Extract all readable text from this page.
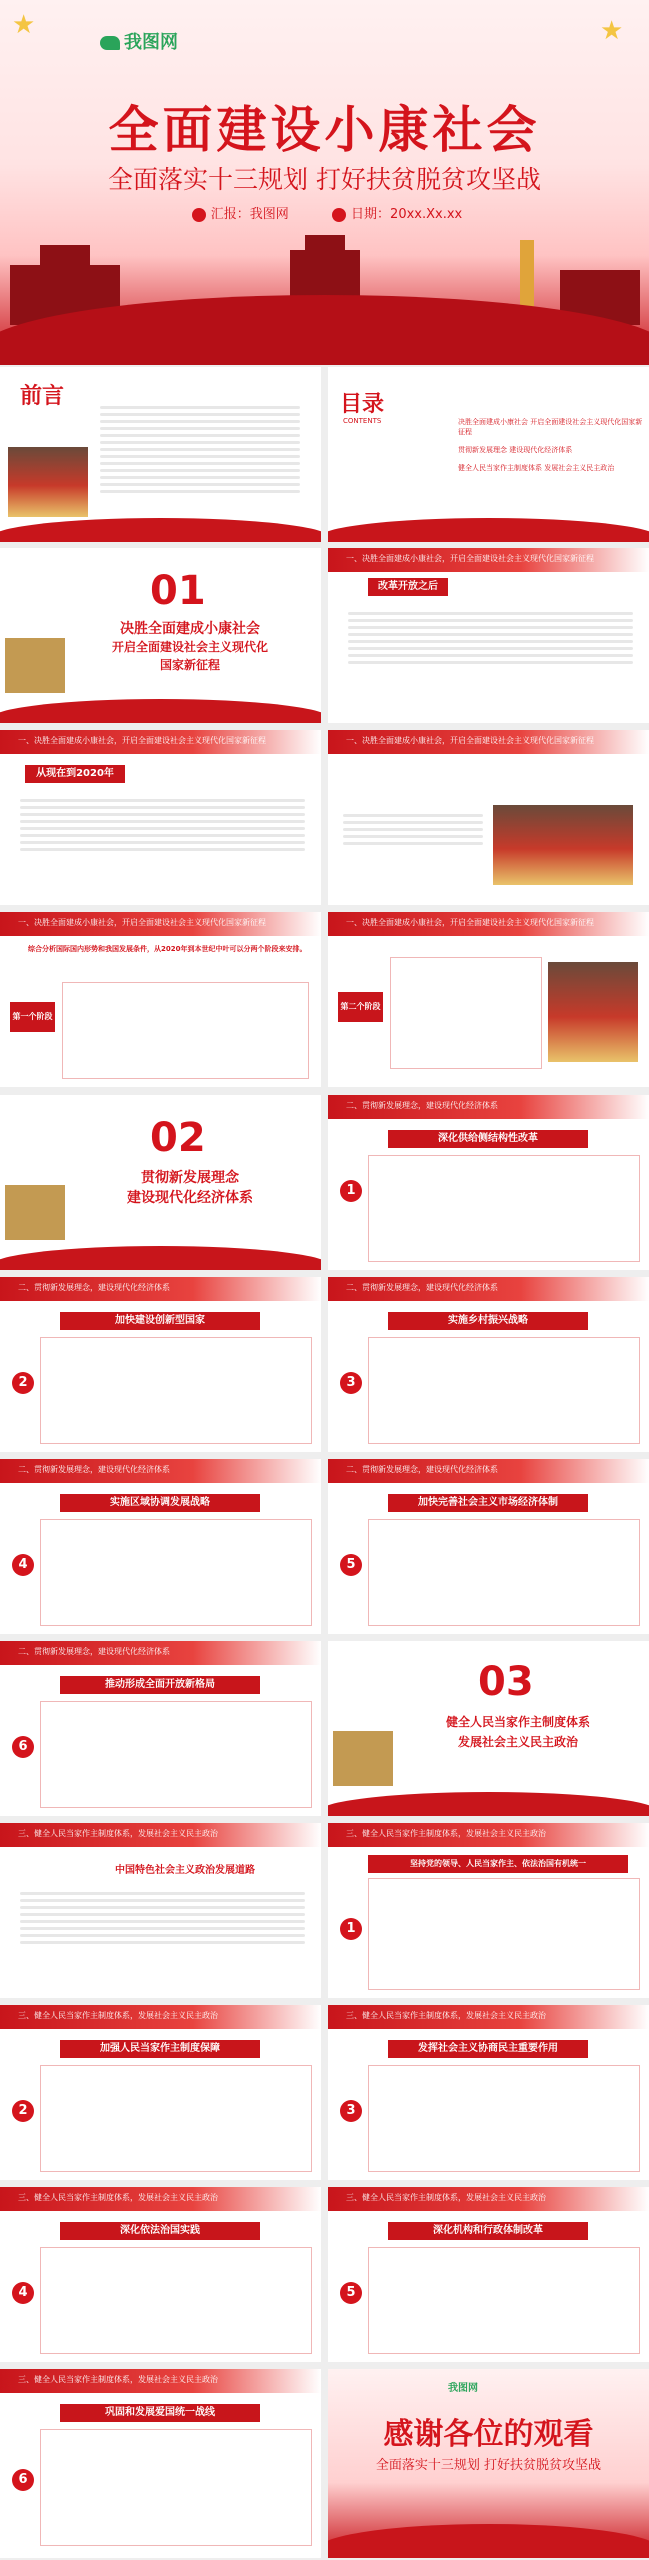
★	★
我图网
全面建设小康社会
全面落实十三规划 打好扶贫脱贫攻坚战
汇报：我图网	日期：20xx.Xx.xx
前言	目录
CONTENTS	决胜全面建成小康社会 开启全面建设社会主义现代化国家新征程
贯彻新发展理念 建设现代化经济体系
健全人民当家作主制度体系 发展社会主义民主政治
01
决胜全面建成小康社会
开启全面建设社会主义现代化
国家新征程
一、决胜全面建成小康社会，开启全面建设社会主义现代化国家新征程
改革开放之后
一、决胜全面建成小康社会，开启全面建设社会主义现代化国家新征程
从现在到2020年
一、决胜全面建成小康社会，开启全面建设社会主义现代化国家新征程
一、决胜全面建成小康社会，开启全面建设社会主义现代化国家新征程
综合分析国际国内形势和我国发展条件，从2020年到本世纪中叶可以分两个阶段来安排。
第一个阶段
一、决胜全面建成小康社会，开启全面建设社会主义现代化国家新征程
第二个阶段
02
贯彻新发展理念
建设现代化经济体系
二、贯彻新发展理念，建设现代化经济体系
深化供给侧结构性改革
1
二、贯彻新发展理念，建设现代化经济体系
加快建设创新型国家
2
二、贯彻新发展理念，建设现代化经济体系
实施乡村振兴战略
3
二、贯彻新发展理念，建设现代化经济体系
实施区域协调发展战略
4
二、贯彻新发展理念，建设现代化经济体系
加快完善社会主义市场经济体制
5
二、贯彻新发展理念，建设现代化经济体系
推动形成全面开放新格局
6
03
健全人民当家作主制度体系
发展社会主义民主政治
三、健全人民当家作主制度体系，发展社会主义民主政治
中国特色社会主义政治发展道路
三、健全人民当家作主制度体系，发展社会主义民主政治
坚持党的领导、人民当家作主、依法治国有机统一
1
三、健全人民当家作主制度体系，发展社会主义民主政治
加强人民当家作主制度保障
2
三、健全人民当家作主制度体系，发展社会主义民主政治
发挥社会主义协商民主重要作用
3
三、健全人民当家作主制度体系，发展社会主义民主政治
深化依法治国实践
4
三、健全人民当家作主制度体系，发展社会主义民主政治
深化机构和行政体制改革
5
三、健全人民当家作主制度体系，发展社会主义民主政治
巩固和发展爱国统一战线
6
我图网
感谢各位的观看
全面落实十三规划 打好扶贫脱贫攻坚战
